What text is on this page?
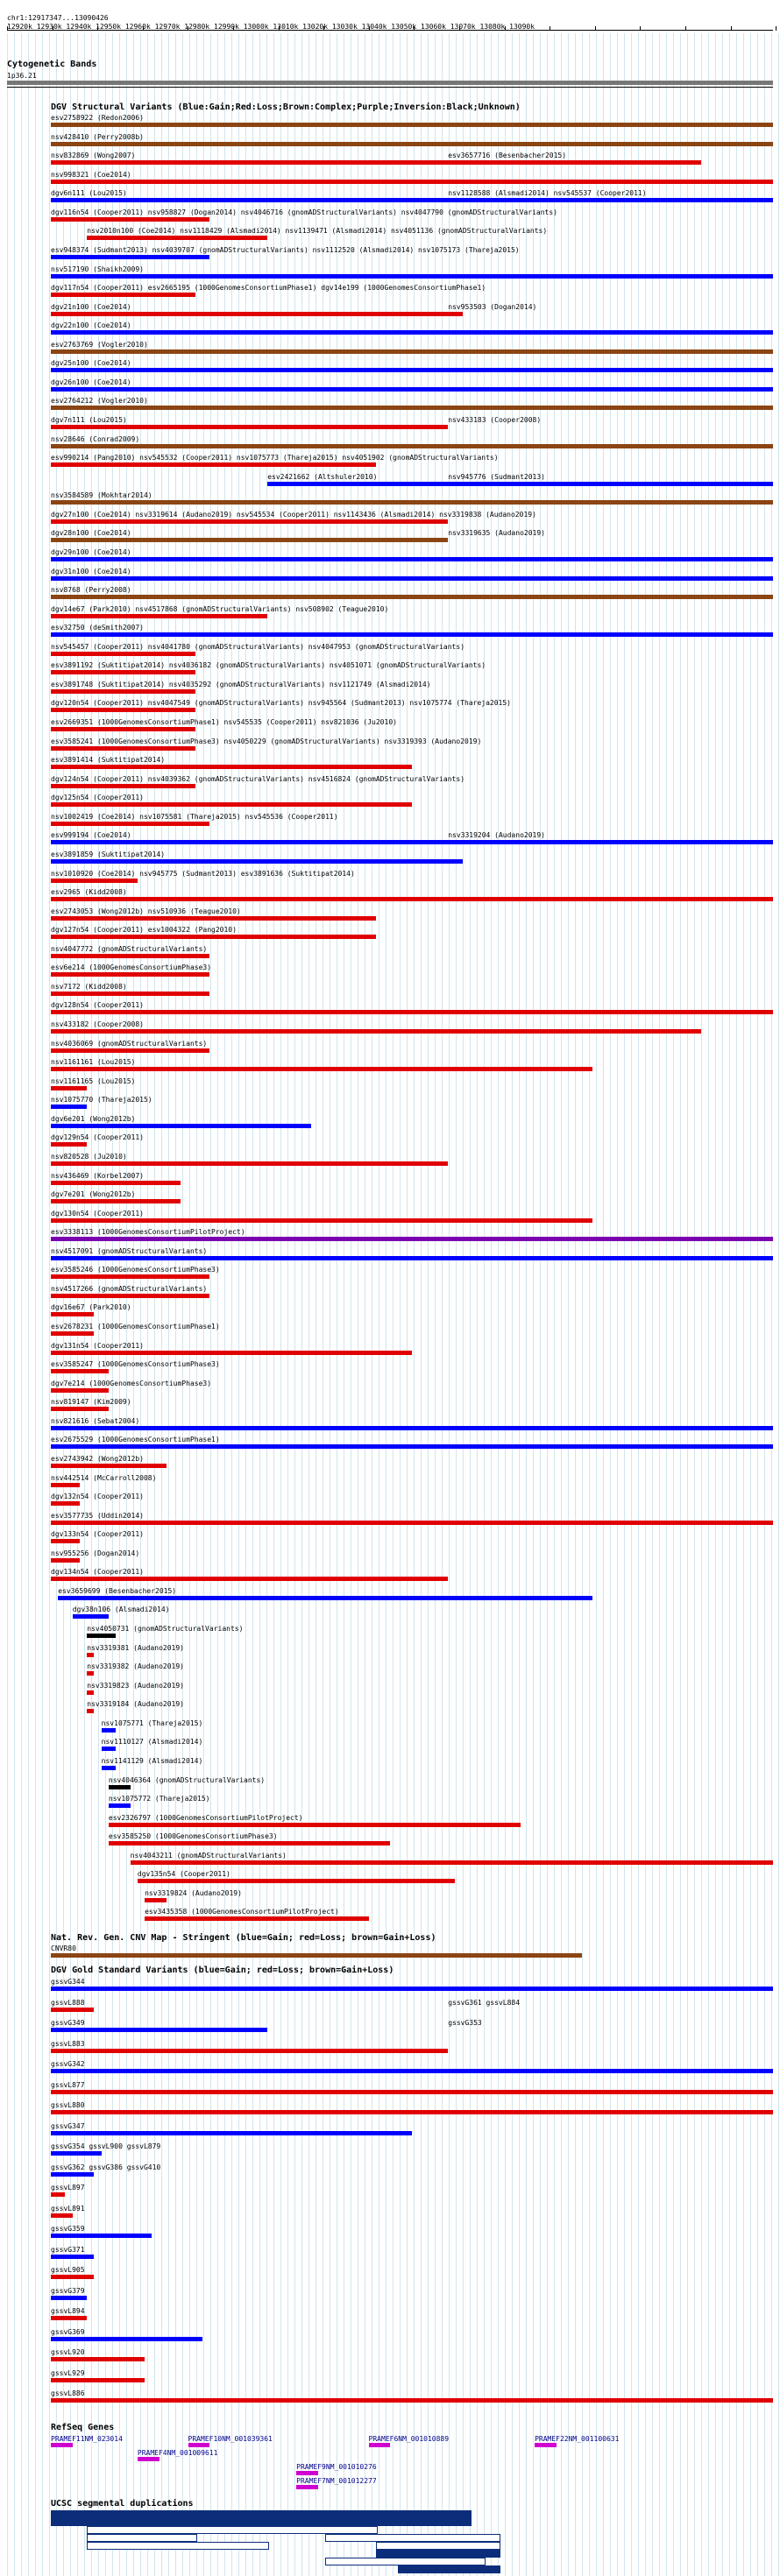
chr1:12917347...13090426
12920k 12930k 12940k 12950k 12960k 12970k 12980k 12990k 13000k 13010k 13020k 13030k 13040k 13050k 13060k 13070k 13080k 13090k
Cytogenetic Bands
1p36.21
DGV Structural Variants (Blue:Gain;Red:Loss;Brown:Complex;Purple;Inversion:Black;Unknown)
esv2758922 (Redon2006)
nsv428410 (Perry2008b)
nsv832869 (Wong2007)	esv3657716 (Besenbacher2015)
nsv998321 (Coe2014)
dgv6n111 (Lou2015)	nsv1128588 (Alsmadi2014) nsv545537 (Cooper2011)
dgv116n54 (Cooper2011) nsv958827 (Dogan2014) nsv4046716 (gnomADStructuralVariants) nsv4047790 (gnomADStructuralVariants)
nsv2010n100 (Coe2014) nsv1118429 (Alsmadi2014) nsv1139471 (Alsmadi2014) nsv4051136 (gnomADStructuralVariants)
esv948374 (Sudmant2013) nsv4039707 (gnomADStructuralVariants) nsv1112520 (Alsmadi2014) nsv1075173 (Thareja2015)
nsv517190 (Shaikh2009)
dgv117n54 (Cooper2011) esv2665195 (1000GenomesConsortiumPhase1) dgv14e199 (1000GenomesConsortiumPhase1)
dgv21n100 (Coe2014)	nsv953503 (Dogan2014)
dgv22n100 (Coe2014)
esv2763769 (Vogler2010)
dgv25n100 (Coe2014)
dgv26n100 (Coe2014)
esv2764212 (Vogler2010)
dgv7n111 (Lou2015)	nsv433183 (Cooper2008)
nsv28646 (Conrad2009)
esv990214 (Pang2010) nsv545532 (Cooper2011) nsv1075773 (Thareja2015) nsv4051902 (gnomADStructuralVariants)
esv2421662 (Altshuler2010)	nsv945776 (Sudmant2013)
nsv3584589 (Mokhtar2014)
dgv27n100 (Coe2014) nsv3319614 (Audano2019) nsv545534 (Cooper2011) nsv1143436 (Alsmadi2014) nsv3319838 (Audano2019)
dgv28n100 (Coe2014)	nsv3319635 (Audano2019)
dgv29n100 (Coe2014)
dgv31n100 (Coe2014)
nsv8768 (Perry2008)
dgv14e67 (Park2010) nsv4517868 (gnomADStructuralVariants) nsv508902 (Teague2010)
esv32750 (deSmith2007)
nsv545457 (Cooper2011) nsv4041780 (gnomADStructuralVariants) nsv4047953 (gnomADStructuralVariants)
esv3891192 (Suktitipat2014) nsv4036182 (gnomADStructuralVariants) nsv4051071 (gnomADStructuralVariants)
esv3891748 (Suktitipat2014) nsv4035292 (gnomADStructuralVariants) nsv1121749 (Alsmadi2014)
dgv120n54 (Cooper2011) nsv4047549 (gnomADStructuralVariants) nsv945564 (Sudmant2013) nsv1075774 (Thareja2015)
esv2669351 (1000GenomesConsortiumPhase1) nsv545535 (Cooper2011) nsv821036 (Ju2010)
esv3585241 (1000GenomesConsortiumPhase3) nsv4050229 (gnomADStructuralVariants) nsv3319393 (Audano2019)
esv3891414 (Suktitipat2014)
dgv124n54 (Cooper2011) nsv4039362 (gnomADStructuralVariants) nsv4516824 (gnomADStructuralVariants)
dgv125n54 (Cooper2011)
nsv1002419 (Coe2014) nsv1075581 (Thareja2015) nsv545536 (Cooper2011)
esv999194 (Coe2014)	nsv3319204 (Audano2019)
esv3891859 (Suktitipat2014)
nsv1010920 (Coe2014) nsv945775 (Sudmant2013) esv3891636 (Suktitipat2014)
esv2965 (Kidd2008)
esv2743053 (Wong2012b) nsv510936 (Teague2010)
dgv127n54 (Cooper2011) esv1004322 (Pang2010)
nsv4047772 (gnomADStructuralVariants)
esv6e214 (1000GenomesConsortiumPhase3)
nsv7172 (Kidd2008)
dgv128n54 (Cooper2011)
nsv433182 (Cooper2008)
nsv4036069 (gnomADStructuralVariants)
nsv1161161 (Lou2015)
nsv1161165 (Lou2015)
nsv1075770 (Thareja2015)
dgv6e201 (Wong2012b)
dgv129n54 (Cooper2011)
nsv820528 (Ju2010)
nsv436469 (Korbel2007)
dgv7e201 (Wong2012b)
dgv130n54 (Cooper2011)
esv3338113 (1000GenomesConsortiumPilotProject)
nsv4517091 (gnomADStructuralVariants)
esv3585246 (1000GenomesConsortiumPhase3)
nsv4517266 (gnomADStructuralVariants)
dgv16e67 (Park2010)
esv2678231 (1000GenomesConsortiumPhase1)
dgv131n54 (Cooper2011)
esv3585247 (1000GenomesConsortiumPhase3)
dgv7e214 (1000GenomesConsortiumPhase3)
nsv819147 (Kim2009)
nsv821616 (Sebat2004)
esv2675529 (1000GenomesConsortiumPhase1)
esv2743942 (Wong2012b)
nsv442514 (McCarroll2008)
dgv132n54 (Cooper2011)
esv3577735 (Uddin2014)
dgv133n54 (Cooper2011)
nsv955256 (Dogan2014)
dgv134n54 (Cooper2011)
esv3659699 (Besenbacher2015)
dgv38n106 (Alsmadi2014)
nsv4050731 (gnomADStructuralVariants)
nsv3319381 (Audano2019)
nsv3319382 (Audano2019)
nsv3319823 (Audano2019)
nsv3319184 (Audano2019)
nsv1075771 (Thareja2015)
nsv1110127 (Alsmadi2014)
nsv1141129 (Alsmadi2014)
nsv4046364 (gnomADStructuralVariants)
nsv1075772 (Thareja2015)
esv2326797 (1000GenomesConsortiumPilotProject)
esv3585250 (1000GenomesConsortiumPhase3)
nsv4043211 (gnomADStructuralVariants)
dgv135n54 (Cooper2011)
nsv3319824 (Audano2019)
esv3435358 (1000GenomesConsortiumPilotProject)
Nat. Rev. Gen. CNV Map - Stringent (blue=Gain; red=Loss; brown=Gain+Loss)
CNVR80
DGV Gold Standard Variants (blue=Gain; red=Loss; brown=Gain+Loss)
gssvG344
gssvL888	gssvG361 gssvL884
gssvG349	gssvG353
gssvL883
gssvG342
gssvL877
gssvL880
gssvG347
gssvG354 gssvL900 gssvL879
gssvG362 gssvG386 gssvG410
gssvL897
gssvL891
gssvG359
gssvG371
gssvL905
gssvG379
gssvL894
gssvG369
gssvL920
gssvL929
gssvL886
RefSeq Genes
PRAMEF11NM_023014	PRAMEF10NM_001039361	PRAMEF6NM_001010889	PRAMEF22NM_001100631
PRAMEF4NM_001009611
PRAMEF9NM_001010276
PRAMEF7NM_001012277
UCSC segmental duplications
